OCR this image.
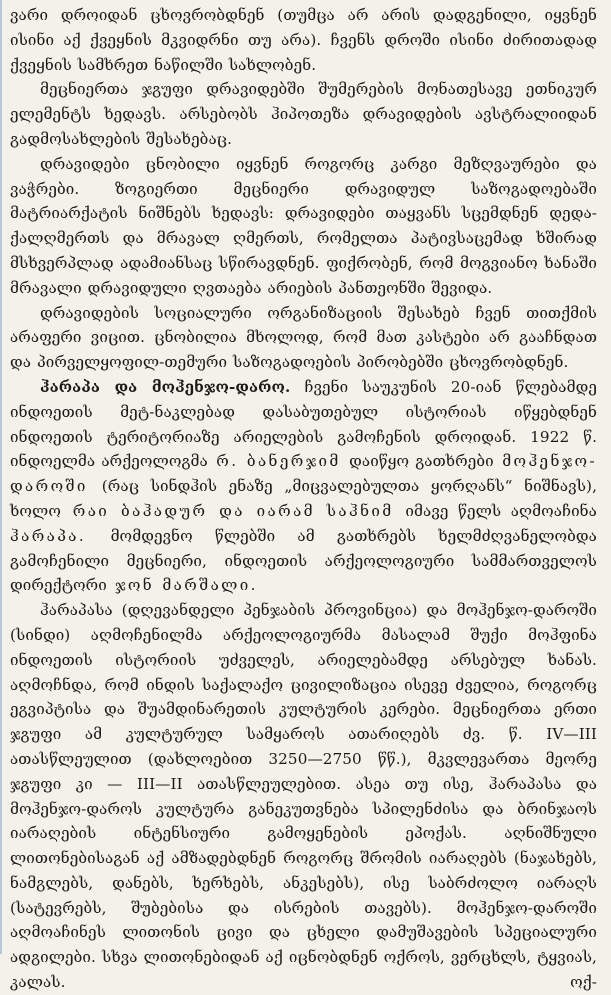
ვარი დროიდან ცხოვრობდნენ (თუმცა არ არის დადგენილი, იყვნენ ისინი აქ ქვეყნის მკვიდრნი თუ არა). ჩვენს დროში ისინი ძირითადად ქვეყნის სამხრეთ ნაწილში სახლობენ.

მეცნიერთა ჯგუფი დრავიდებში შუმერების მონათესავე ეთნიკურ ელემენტს ხედავს. არსებობს ჰიპოთეზა დრავიდების ავსტრალიიდან გადმოსახლების შესახებაც.

დრავიდები ცნობილი იყვნენ როგორც კარგი მეზღვაურები და ვაჭრები. ზოგიერთი მეცნიერი დრავიდულ საზოგადოებაში მატრიარქატის ნიშნებს ხედავს: დრავიდები თაყვანს სცემდნენ დედა-ქალღმერთს და მრავალ ღმერთს, რომელთა პატივსაცემად ხშირად მსხვერპლად ადამიანსაც სწირავდნენ. ფიქრობენ, რომ მოგვიანო ხანაში მრავალი დრავიდული ღვთაება არიების პანთეონში შევიდა.

დრავიდების სოციალური ორგანიზაციის შესახებ ჩვენ თითქმის არაფერი ვიცით. ცნობილია მხოლოდ, რომ მათ კასტები არ გააჩნდათ და პირველყოფილ-თემური საზოგადოების პირობებში ცხოვრობდნენ.

ჰარაპა და მოჰენჯო-დარო. ჩვენი საუკუნის 20-იან წლებამდე ინდოეთის მეტ-ნაკლებად დასაბუთებულ ისტორიას იწყებდნენ ინდოეთის ტერიტორიაზე არიელების გამოჩენის დროიდან. 1922 წ. ინდოელმა არქეოლოგმა რ. ბანერჯიმ დაიწყო გათხრები მოჰენჯო-დაროში (რაც სინდჰის ენაზე „მიცვალებულთა ყორღანს“ ნიშნავს), ხოლო რაი ბაჰადურ და იარამ საჰნიმ იმავე წელს აღმოაჩინა ჰარაპა. მომდევნო წლებში ამ გათხრებს ხელმძღვანელობდა გამოჩენილი მეცნიერი, ინდოეთის არქეოლოგიური სამმართველოს დირექტორი ჯონ მარშალი.

ჰარაპასა (დღევანდელი პენჯაბის პროვინცია) და მოჰენჯო-დაროში (სინდი) აღმოჩენილმა არქეოლოგიურმა მასალამ შუქი მოჰფინა ინდოეთის ისტორიის უძველეს, არიელებამდე არსებულ ხანას. აღმოჩნდა, რომ ინდის საქალაქო ცივილიზაცია ისევე ძველია, როგორც ეგვიპტისა და შუამდინარეთის კულტურის კერები. მეცნიერთა ერთი ჯგუფი ამ კულტურულ სამყაროს ათარიღებს ძვ. წ. IV—III ათასწლეულით (დახლოებით 3250—2750 წწ.), მკვლევართა მეორე ჯგუფი კი — III—II ათასწლეულებით. ასეა თუ ისე, ჰარაპასა და მოჰენჯო-დაროს კულტურა განეკუთვნება სპილენძისა და ბრინჯაოს იარაღების ინტენსიური გამოყენების ეპოქას. აღნიშნული ლითონებისაგან აქ ამზადებდნენ როგორც შრომის იარაღებს (ნაჯახებს, ნამგლებს, დანებს, ხერხებს, ანკესებს), ისე საბრძოლო იარაღს (სატევრებს, შუბებისა და ისრების თავებს). მოჰენჯო-დაროში აღმოაჩინეს ლითონის ცივი და ცხელი დამუშავების სპეციალური ადგილები. სხვა ლითონებიდან აქ იცნობდნენ ოქროს, ვერცხლს, ტყვიას, კალას. ოქ-
